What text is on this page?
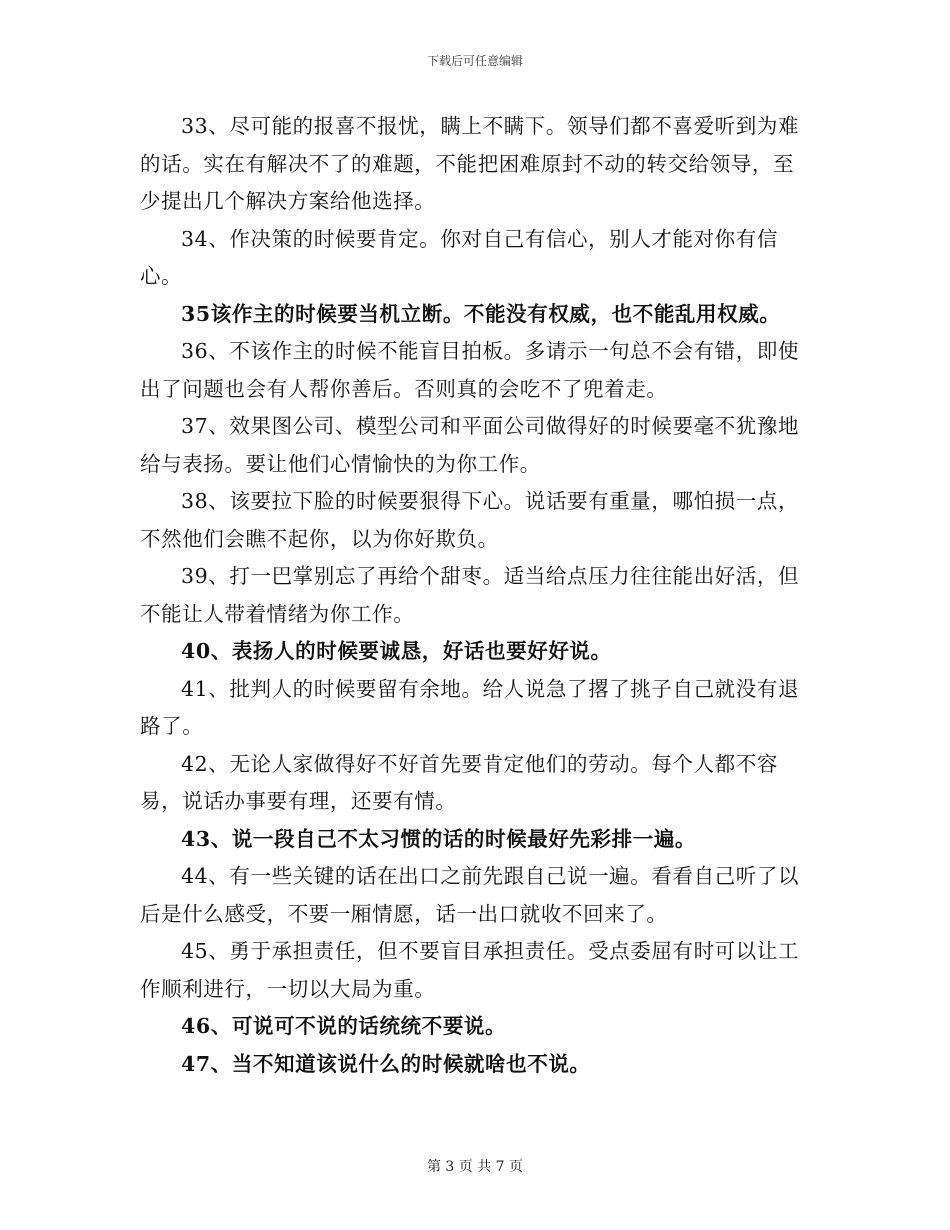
下载后可任意编辑

33、尽可能的报喜不报忧，瞒上不瞒下。领导们都不喜爱听到为难的话。实在有解决不了的难题，不能把困难原封不动的转交给领导，至少提出几个解决方案给他选择。

34、作决策的时候要肯定。你对自己有信心，别人才能对你有信心。

35该作主的时候要当机立断。不能没有权威，也不能乱用权威。

36、不该作主的时候不能盲目拍板。多请示一句总不会有错，即使出了问题也会有人帮你善后。否则真的会吃不了兜着走。

37、效果图公司、模型公司和平面公司做得好的时候要毫不犹豫地给与表扬。要让他们心情愉快的为你工作。

38、该要拉下脸的时候要狠得下心。说话要有重量，哪怕损一点，不然他们会瞧不起你，以为你好欺负。

39、打一巴掌别忘了再给个甜枣。适当给点压力往往能出好活，但不能让人带着情绪为你工作。

40、表扬人的时候要诚恳，好话也要好好说。

41、批判人的时候要留有余地。给人说急了撂了挑子自己就没有退路了。

42、无论人家做得好不好首先要肯定他们的劳动。每个人都不容易，说话办事要有理，还要有情。

43、说一段自己不太习惯的话的时候最好先彩排一遍。

44、有一些关键的话在出口之前先跟自己说一遍。看看自己听了以后是什么感受，不要一厢情愿，话一出口就收不回来了。

45、勇于承担责任，但不要盲目承担责任。受点委屈有时可以让工作顺利进行，一切以大局为重。

46、可说可不说的话统统不要说。

47、当不知道该说什么的时候就啥也不说。

第 3 页 共 7 页
